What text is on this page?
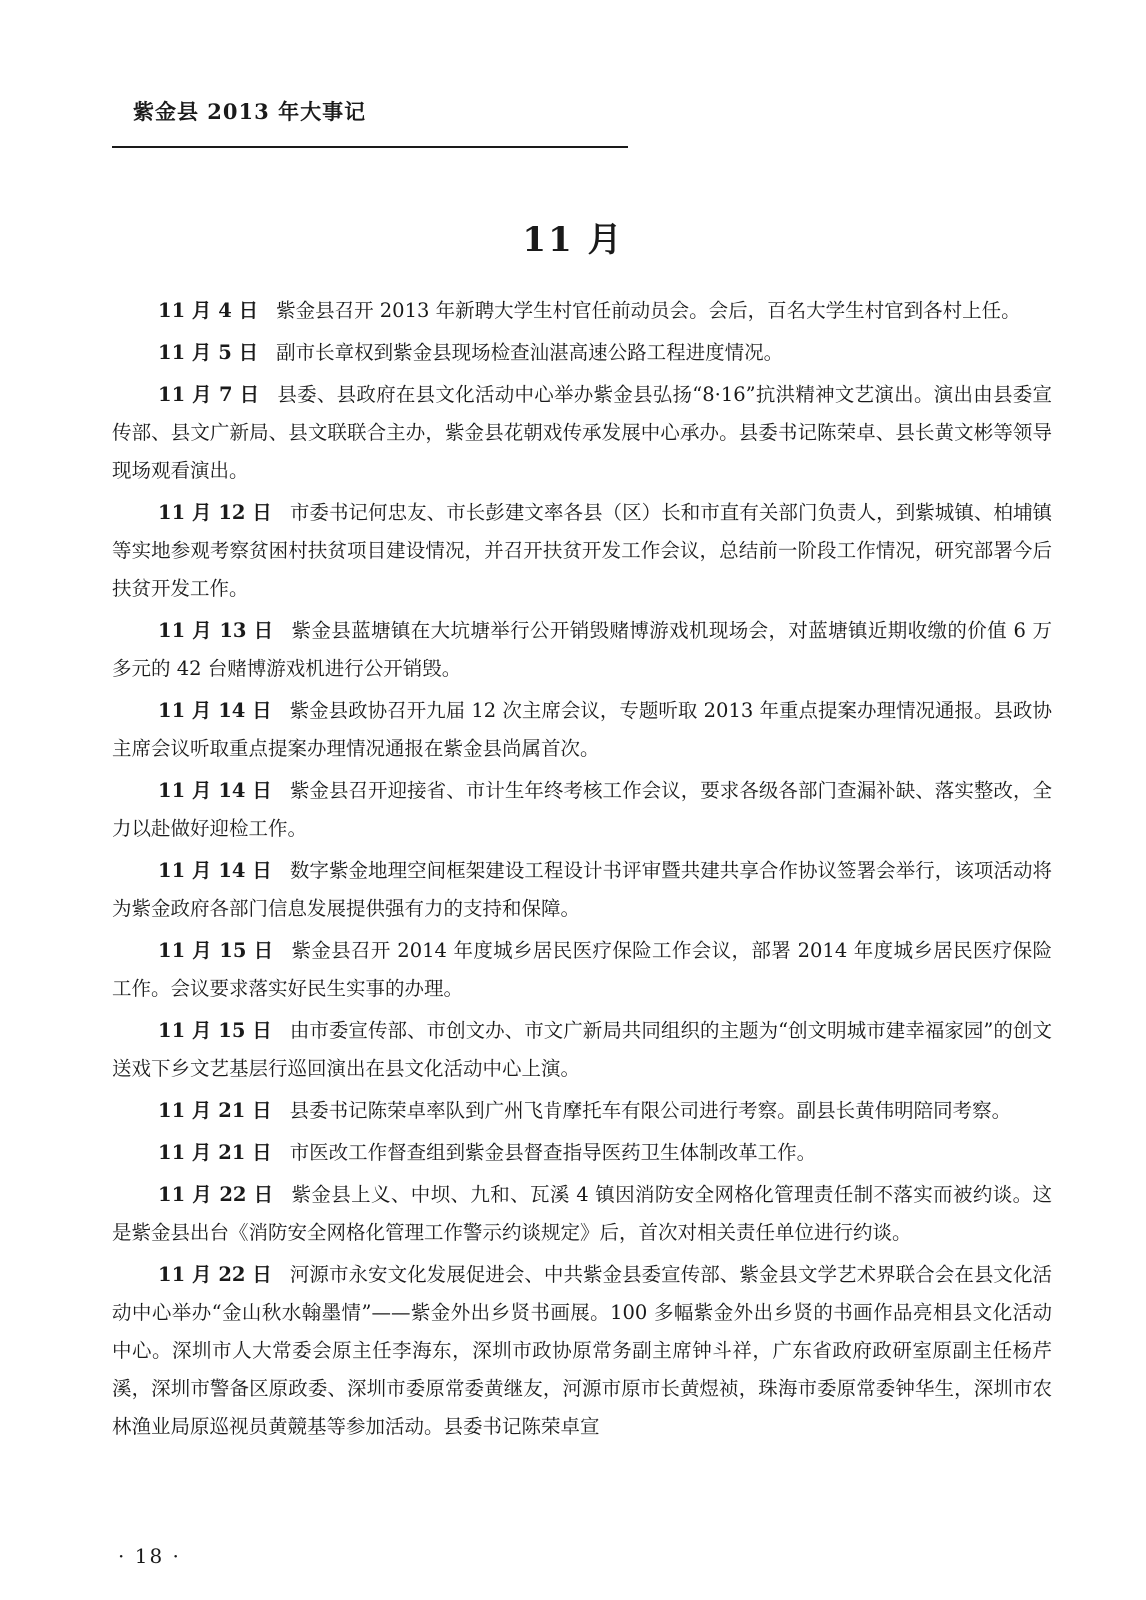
紫金县 2013 年大事记
11 月

11 月 4 日 紫金县召开 2013 年新聘大学生村官任前动员会。会后，百名大学生村官到各村上任。

11 月 5 日 副市长章权到紫金县现场检查汕湛高速公路工程进度情况。

11 月 7 日 县委、县政府在县文化活动中心举办紫金县弘扬“8·16”抗洪精神文艺演出。演出由县委宣传部、县文广新局、县文联联合主办，紫金县花朝戏传承发展中心承办。县委书记陈荣卓、县长黄文彬等领导现场观看演出。

11 月 12 日 市委书记何忠友、市长彭建文率各县（区）长和市直有关部门负责人，到紫城镇、柏埔镇等实地参观考察贫困村扶贫项目建设情况，并召开扶贫开发工作会议，总结前一阶段工作情况，研究部署今后扶贫开发工作。

11 月 13 日 紫金县蓝塘镇在大坑塘举行公开销毁赌博游戏机现场会，对蓝塘镇近期收缴的价值 6 万多元的 42 台赌博游戏机进行公开销毁。

11 月 14 日 紫金县政协召开九届 12 次主席会议，专题听取 2013 年重点提案办理情况通报。县政协主席会议听取重点提案办理情况通报在紫金县尚属首次。

11 月 14 日 紫金县召开迎接省、市计生年终考核工作会议，要求各级各部门查漏补缺、落实整改，全力以赴做好迎检工作。

11 月 14 日 数字紫金地理空间框架建设工程设计书评审暨共建共享合作协议签署会举行，该项活动将为紫金政府各部门信息发展提供强有力的支持和保障。

11 月 15 日 紫金县召开 2014 年度城乡居民医疗保险工作会议，部署 2014 年度城乡居民医疗保险工作。会议要求落实好民生实事的办理。

11 月 15 日 由市委宣传部、市创文办、市文广新局共同组织的主题为“创文明城市建幸福家园”的创文送戏下乡文艺基层行巡回演出在县文化活动中心上演。

11 月 21 日 县委书记陈荣卓率队到广州飞肯摩托车有限公司进行考察。副县长黄伟明陪同考察。

11 月 21 日 市医改工作督查组到紫金县督查指导医药卫生体制改革工作。

11 月 22 日 紫金县上义、中坝、九和、瓦溪 4 镇因消防安全网格化管理责任制不落实而被约谈。这是紫金县出台《消防安全网格化管理工作警示约谈规定》后，首次对相关责任单位进行约谈。

11 月 22 日 河源市永安文化发展促进会、中共紫金县委宣传部、紫金县文学艺术界联合会在县文化活动中心举办“金山秋水翰墨情”——紫金外出乡贤书画展。100 多幅紫金外出乡贤的书画作品亮相县文化活动中心。深圳市人大常委会原主任李海东，深圳市政协原常务副主席钟斗祥，广东省政府政研室原副主任杨芹溪，深圳市警备区原政委、深圳市委原常委黄继友，河源市原市长黄煜祯，珠海市委原常委钟华生，深圳市农林渔业局原巡视员黄競基等参加活动。县委书记陈荣卓宣

· 18 ·
